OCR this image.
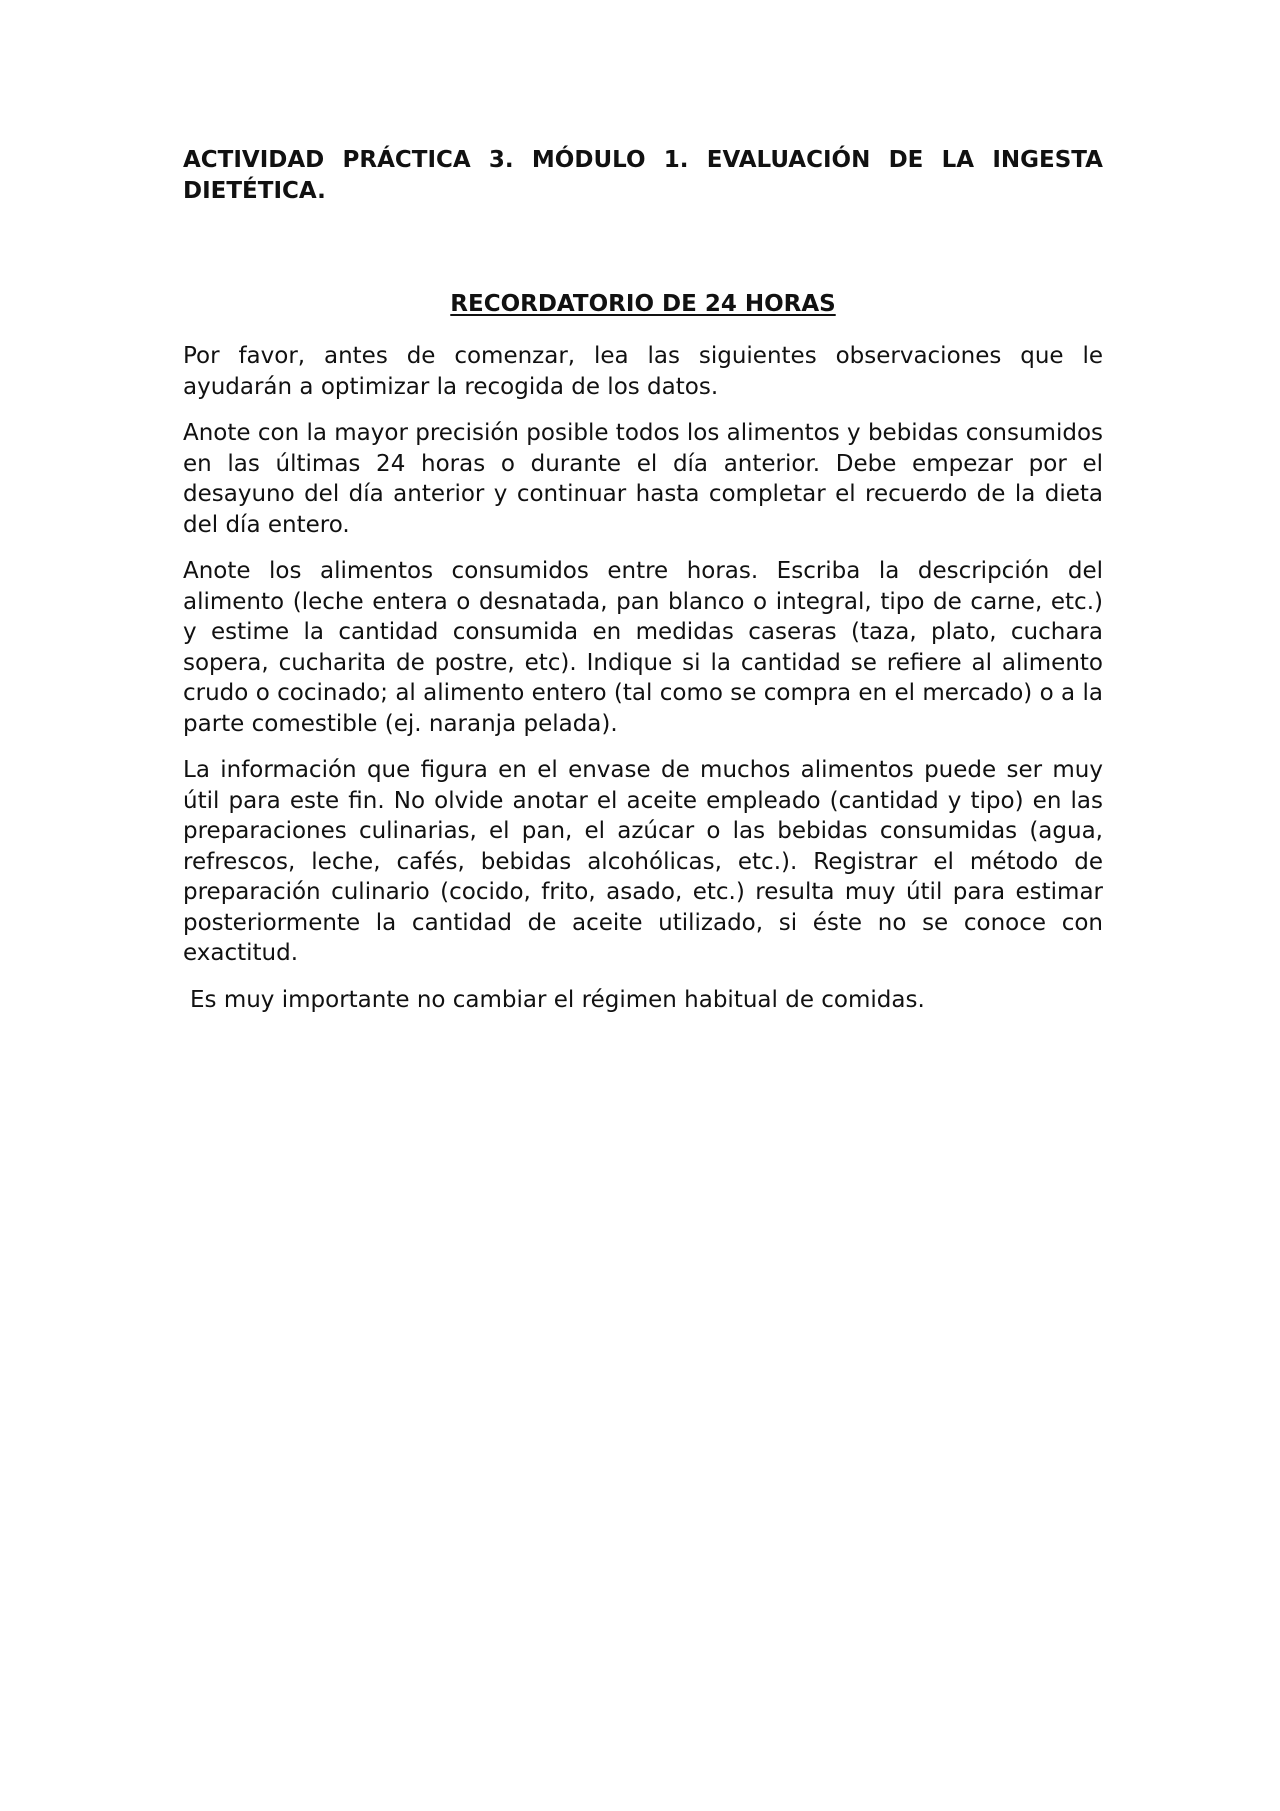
ACTIVIDAD PRÁCTICA 3. MÓDULO 1. EVALUACIÓN DE LA INGESTA DIETÉTICA.
RECORDATORIO DE 24 HORAS

Por favor, antes de comenzar, lea las siguientes observaciones que le ayudarán a optimizar la recogida de los datos.

Anote con la mayor precisión posible todos los alimentos y bebidas consumidos en las últimas 24 horas o durante el día anterior. Debe empezar por el desayuno del día anterior y continuar hasta completar el recuerdo de la dieta del día entero.

Anote los alimentos consumidos entre horas. Escriba la descripción del alimento (leche entera o desnatada, pan blanco o integral, tipo de carne, etc.) y estime la cantidad consumida en medidas caseras (taza, plato, cuchara sopera, cucharita de postre, etc). Indique si la cantidad se refiere al alimento crudo o cocinado; al alimento entero (tal como se compra en el mercado) o a la parte comestible (ej. naranja pelada).

La información que figura en el envase de muchos alimentos puede ser muy útil para este fin. No olvide anotar el aceite empleado (cantidad y tipo) en las preparaciones culinarias, el pan, el azúcar o las bebidas consumidas (agua, refrescos, leche, cafés, bebidas alcohólicas, etc.). Registrar el método de preparación culinario (cocido, frito, asado, etc.) resulta muy útil para estimar posteriormente la cantidad de aceite utilizado, si éste no se conoce con exactitud.

Es muy importante no cambiar el régimen habitual de comidas.
